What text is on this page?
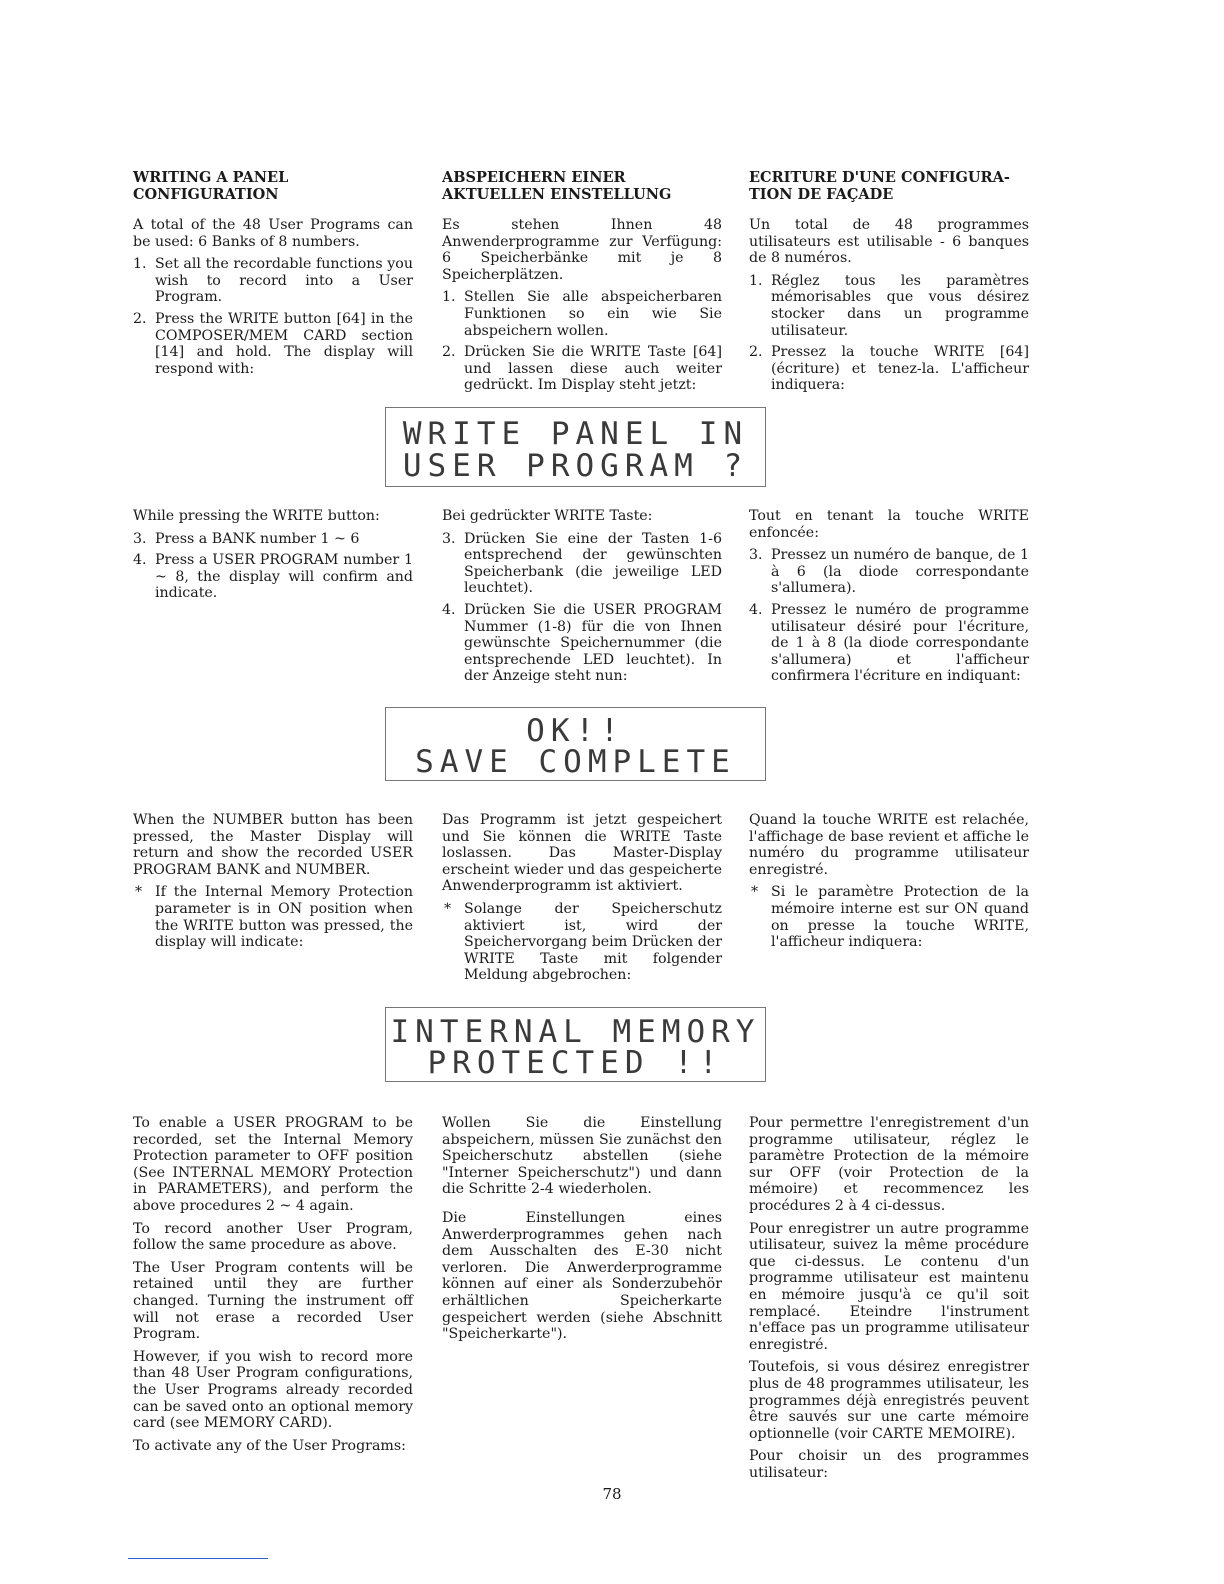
WRITING A PANEL
CONFIGURATION

A total of the 48 User Programs can be used: 6 Banks of 8 numbers.

1. Set all the recordable functions you wish to record into a User Program.
2. Press the WRITE button [64] in the COMPOSER/MEM CARD section [14] and hold. The display will respond with:
ABSPEICHERN EINER
AKTUELLEN EINSTELLUNG

Es stehen Ihnen 48 Anwenderprogramme zur Verfügung: 6 Speicherbänke mit je 8 Speicherplätzen.

1. Stellen Sie alle abspeicherbaren Funktionen so ein wie Sie abspeichern wollen.
2. Drücken Sie die WRITE Taste [64] und lassen diese auch weiter gedrückt. Im Display steht jetzt:
ECRITURE D'UNE CONFIGURA-
TION DE FAÇADE

Un total de 48 programmes utilisateurs est utilisable - 6 banques de 8 numéros.

1. Réglez tous les paramètres mémorisables que vous désirez stocker dans un programme utilisateur.
2. Pressez la touche WRITE [64] (écriture) et tenez-la. L'afficheur indiquera:
WRITE PANEL IN
USER PROGRAM ?

While pressing the WRITE button:

3. Press a BANK number 1 ~ 6
4. Press a USER PROGRAM number 1 ~ 8, the display will confirm and indicate.

Bei gedrückter WRITE Taste:

3. Drücken Sie eine der Tasten 1-6 entsprechend der gewünschten Speicherbank (die jeweilige LED leuchtet).
4. Drücken Sie die USER PROGRAM Nummer (1-8) für die von Ihnen gewünschte Speichernummer (die entsprechende LED leuchtet). In der Anzeige steht nun:

Tout en tenant la touche WRITE enfoncée:

3. Pressez un numéro de banque, de 1 à 6 (la diode correspondante s'allumera).
4. Pressez le numéro de programme utilisateur désiré pour l'écriture, de 1 à 8 (la diode correspondante s'allumera) et l'afficheur confirmera l'écriture en indiquant:
OK!!
SAVE COMPLETE

When the NUMBER button has been pressed, the Master Display will return and show the recorded USER PROGRAM BANK and NUMBER.

* If the Internal Memory Protection parameter is in ON position when the WRITE button was pressed, the display will indicate:

Das Programm ist jetzt gespeichert und Sie können die WRITE Taste loslassen. Das Master-Display erscheint wieder und das gespeicherte Anwenderprogramm ist aktiviert.

* Solange der Speicherschutz aktiviert ist, wird der Speichervorgang beim Drücken der WRITE Taste mit folgender Meldung abgebrochen:

Quand la touche WRITE est relachée, l'affichage de base revient et affiche le numéro du programme utilisateur enregistré.

* Si le paramètre Protection de la mémoire interne est sur ON quand on presse la touche WRITE, l'afficheur indiquera:
INTERNAL MEMORY
PROTECTED !!

To enable a USER PROGRAM to be recorded, set the Internal Memory Protection parameter to OFF position (See INTERNAL MEMORY Protection in PARAMETERS), and perform the above procedures 2 ~ 4 again.

To record another User Program, follow the same procedure as above.

The User Program contents will be retained until they are further changed. Turning the instrument off will not erase a recorded User Program.

However, if you wish to record more than 48 User Program configurations, the User Programs already recorded can be saved onto an optional memory card (see MEMORY CARD).

To activate any of the User Programs:

Wollen Sie die Einstellung abspeichern, müssen Sie zunächst den Speicherschutz abstellen (siehe "Interner Speicherschutz") und dann die Schritte 2-4 wiederholen.

Die Einstellungen eines Anwerderprogrammes gehen nach dem Ausschalten des E-30 nicht verloren. Die Anwerderprogramme können auf einer als Sonderzubehör erhältlichen Speicherkarte gespeichert werden (siehe Abschnitt "Speicherkarte").

Pour permettre l'enregistrement d'un programme utilisateur, réglez le paramètre Protection de la mémoire sur OFF (voir Protection de la mémoire) et recommencez les procédures 2 à 4 ci-dessus.

Pour enregistrer un autre programme utilisateur, suivez la même procédure que ci-dessus. Le contenu d'un programme utilisateur est maintenu en mémoire jusqu'à ce qu'il soit remplacé. Eteindre l'instrument n'efface pas un programme utilisateur enregistré.

Toutefois, si vous désirez enregistrer plus de 48 programmes utilisateur, les programmes déjà enregistrés peuvent être sauvés sur une carte mémoire optionnelle (voir CARTE MEMOIRE).

Pour choisir un des programmes utilisateur:

78
